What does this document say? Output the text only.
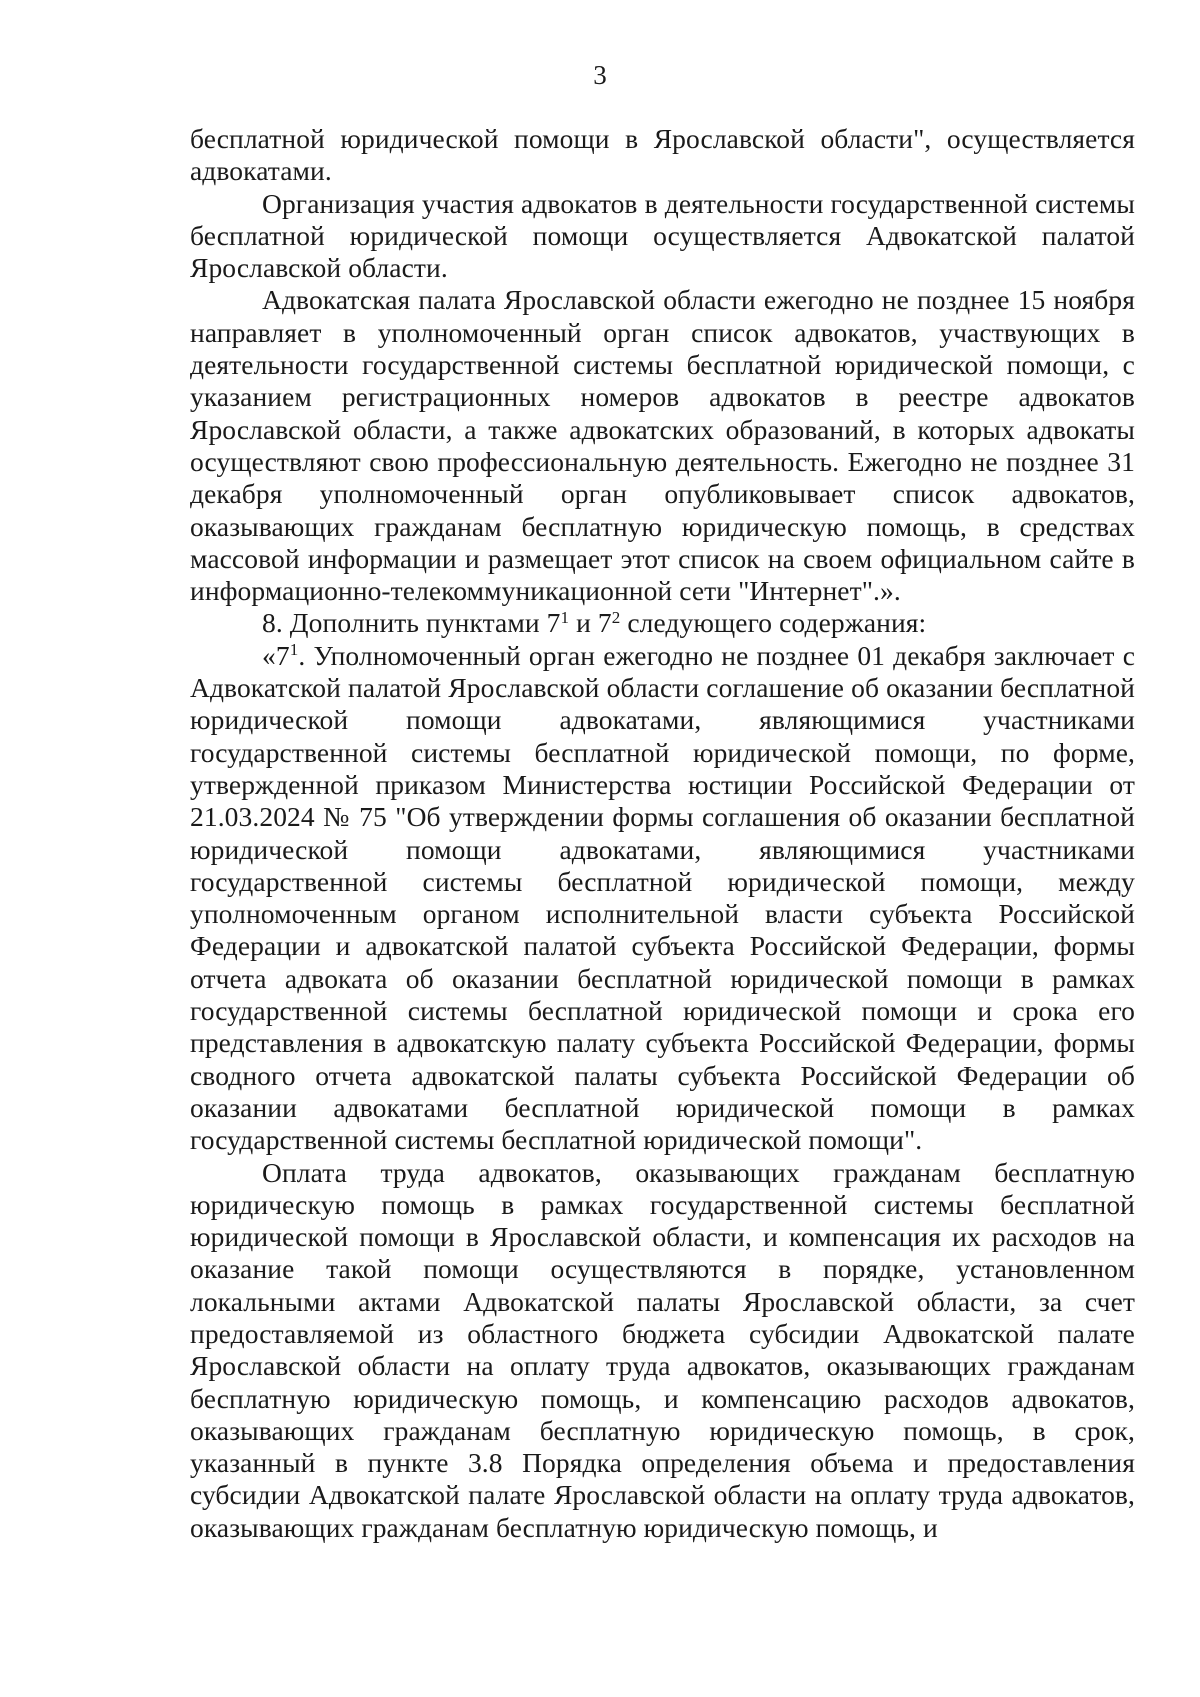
3

бесплатной юридической помощи в Ярославской области", осуществляется адвокатами.

Организация участия адвокатов в деятельности государственной системы бесплатной юридической помощи осуществляется Адвокатской палатой Ярославской области.

Адвокатская палата Ярославской области ежегодно не позднее 15 ноября направляет в уполномоченный орган список адвокатов, участвующих в деятельности государственной системы бесплатной юридической помощи, с указанием регистрационных номеров адвокатов в реестре адвокатов Ярославской области, а также адвокатских образований, в которых адвокаты осуществляют свою профессиональную деятельность. Ежегодно не позднее 31 декабря уполномоченный орган опубликовывает список адвокатов, оказывающих гражданам бесплатную юридическую помощь, в средствах массовой информации и размещает этот список на своем официальном сайте в информационно-телекоммуникационной сети "Интернет".».

8. Дополнить пунктами $7^1$ и $7^2$ следующего содержания:

«$7^1$. Уполномоченный орган ежегодно не позднее 01 декабря заключает с Адвокатской палатой Ярославской области соглашение об оказании бесплатной юридической помощи адвокатами, являющимися участниками государственной системы бесплатной юридической помощи, по форме, утвержденной приказом Министерства юстиции Российской Федерации от 21.03.2024 № 75 "Об утверждении формы соглашения об оказании бесплатной юридической помощи адвокатами, являющимися участниками государственной системы бесплатной юридической помощи, между уполномоченным органом исполнительной власти субъекта Российской Федерации и адвокатской палатой субъекта Российской Федерации, формы отчета адвоката об оказании бесплатной юридической помощи в рамках государственной системы бесплатной юридической помощи и срока его представления в адвокатскую палату субъекта Российской Федерации, формы сводного отчета адвокатской палаты субъекта Российской Федерации об оказании адвокатами бесплатной юридической помощи в рамках государственной системы бесплатной юридической помощи".

Оплата труда адвокатов, оказывающих гражданам бесплатную юридическую помощь в рамках государственной системы бесплатной юридической помощи в Ярославской области, и компенсация их расходов на оказание такой помощи осуществляются в порядке, установленном локальными актами Адвокатской палаты Ярославской области, за счет предоставляемой из областного бюджета субсидии Адвокатской палате Ярославской области на оплату труда адвокатов, оказывающих гражданам бесплатную юридическую помощь, и компенсацию расходов адвокатов, оказывающих гражданам бесплатную юридическую помощь, в срок, указанный в пункте 3.8 Порядка определения объема и предоставления субсидии Адвокатской палате Ярославской области на оплату труда адвокатов, оказывающих гражданам бесплатную юридическую помощь, и
